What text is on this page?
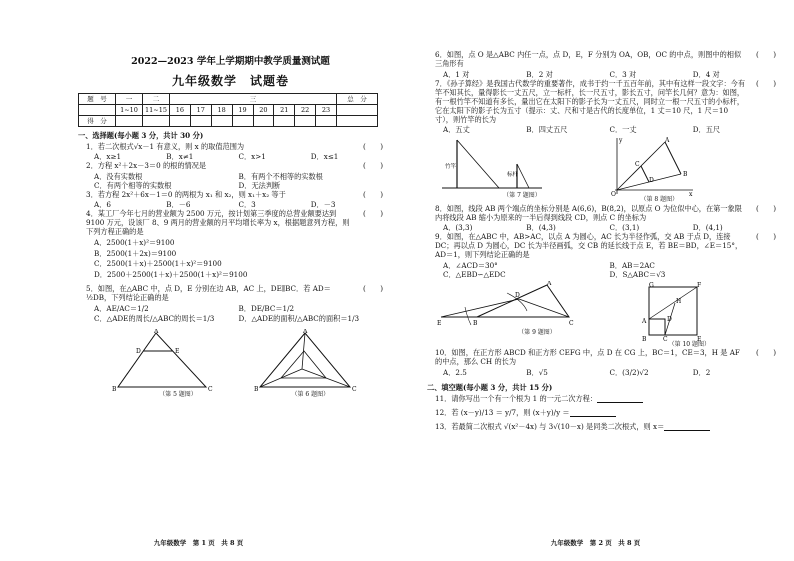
2022—2023 学年上学期期中教学质量测试题
九年级数学　试题卷
题　号	一	二	三								总　分
	1~10	11~15	16	17	18	19	20	21	22	23	
得　分											
一、选择题(每小题 3 分，共计 30 分)
1．若二次根式√x－1 有意义，则 x 的取值范围为	(　　)
A．x≥1	B．x≠1	C．x>1	D．x≤1
2．方程 x²＋2x－3＝0 的根的情况是	(　　)
A．没有实数根	B．有两个不相等的实数根
C．有两个相等的实数根	D．无法判断
3．若方程 2x²＋6x－1＝0 的两根为 x₁ 和 x₂，则 x₁＋x₂ 等于	(　　)
A．6	B．－6	C．3	D．－3
4．某工厂今年七月的营业额为 2500 万元，按计划第三季度的总营业额要达到 9100 万元，设该厂 8、9 两月的营业额的月平均增长率为 x，根据题意列方程，则下列方程正确的是
(　　)
A．2500(1＋x)²＝9100
B．2500(1＋2x)＝9100
C．2500(1＋x)＋2500(1＋x)²＝9100
D．2500＋2500(1＋x)＋2500(1＋x)²＝9100
5．如图，在△ABC 中，点 D，E 分别在边 AB，AC 上，DE∥BC．若 AD＝½DB，下列结论正确的是
(　　)
A．AE/AC＝1/2	B．DE/BC＝1/2
C．△ADE的周长/△ABC的周长＝1/3	D．△ADE的面积/△ABC的面积＝1/3
A
D	E
B	C
（第 5 题图）

A
B	C
（第 6 题图）
九年级数学　第 1 页　共 8 页
6．如图，点 O 是△ABC 内任一点，点 D，E，F 分别为 OA，OB，OC 的中点，则图中的相似三角形有
(　　)
A．1 对	B．2 对	C．3 对	D．4 对
7．《孙子算经》是我国古代数学的重要著作，成书于约一千五百年前，其中有这样一段文字：今有竿不知其长，量得影长一丈五尺，立一标杆，长一尺五寸，影长五寸，问竿长几何？意为：如图，有一根竹竿不知道有多长，量出它在太阳下的影子长为一丈五尺，同时立一根一尺五寸的小标杆，它在太阳下的影子长为五寸（提示：丈、尺和寸是古代的长度单位，1 丈＝10 尺，1 尺＝10 寸），则竹竿的长为
(　　)
A．五丈	B．四丈五尺	C．一丈	D．五尺
竹竿
标杆
（第 7 题图）

A
B
C
D
O	x
y
（第 8 题图）
8．如图，线段 AB 两个端点的坐标分别是 A(6,6)，B(8,2)，以原点 O 为位似中心，在第一象限内将线段 AB 缩小为原来的一半后得到线段 CD，则点 C 的坐标为
(　　)
A．(3,3)	B．(4,3)	C．(3,1)	D．(4,1)
9．如图，在△ABC 中，AB>AC，以点 A 为圆心，AC 长为半径作弧，交 AB 于点 D，连接 DC；再以点 D 为圆心，DC 长为半径画弧，交 CB 的延长线于点 E，若 BE＝BD，∠E＝15°，AD＝1，则下列结论正确的是
(　　)
A．∠ACD＝30°	B．AB＝2AC
C．△EBD∽△EDC	D．S△ABC＝√3
A
E	B	C
D
（第 9 题图）

G	F
A	D
B	C	E
H
（第 10 题图）
10．如图，在正方形 ABCD 和正方形 CEFG 中，点 D 在 CG 上，BC＝1，CE＝3，H 是 AF 的中点，那么 CH 的长为
(　　)
A．2.5	B．√5	C．(3/2)√2	D．2
二、填空题(每小题 3 分，共计 15 分)
11．请你写出一个有一个根为 1 的一元二次方程：
12．若 (x－y)/13 ＝ y/7，则 (x＋y)/y ＝
13．若最简二次根式 √(x²－4x) 与 3√(10－x) 是同类二次根式，则 x＝
九年级数学　第 2 页　共 8 页
